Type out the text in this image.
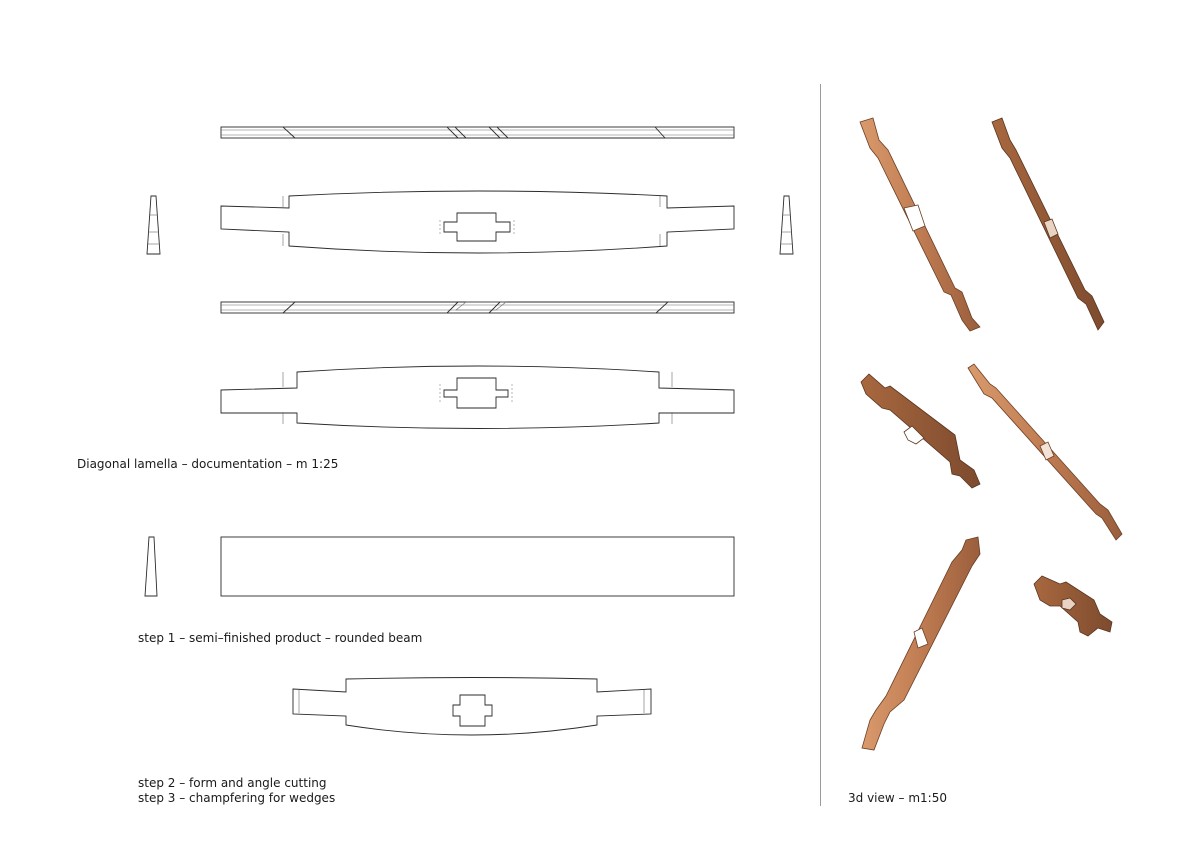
Diagonal lamella – documentation – m 1:25
step 1 – semi–finished product – rounded beam
step 2 – form and angle cutting
step 3 – champfering for wedges	3d view – m1:50
